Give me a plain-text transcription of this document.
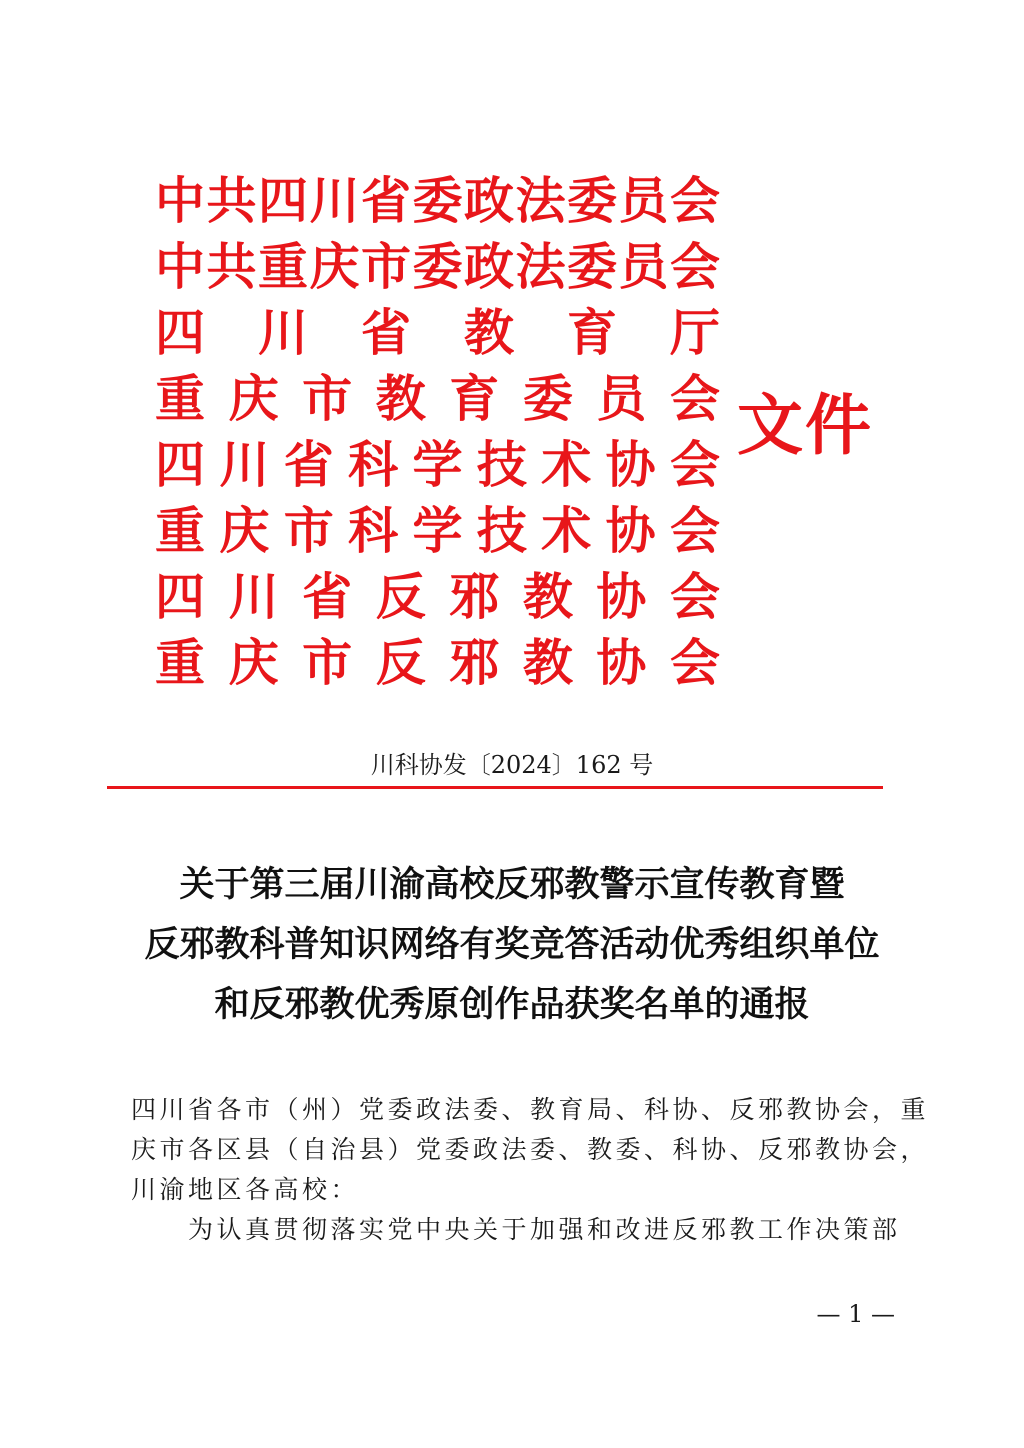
中 共 四 川 省 委 政 法 委 员 会
中 共 重 庆 市 委 政 法 委 员 会
四 川 省 教 育 厅
重 庆 市 教 育 委 员 会
四 川 省 科 学 技 术 协 会
重 庆 市 科 学 技 术 协 会
四 川 省 反 邪 教 协 会
重 庆 市 反 邪 教 协 会
文件
川科协发〔2024〕162 号
关于第三届川渝高校反邪教警示宣传教育暨
反邪教科普知识网络有奖竞答活动优秀组织单位
和反邪教优秀原创作品获奖名单的通报
四川省各市（州）党委政法委、教育局、科协、反邪教协会，重
庆市各区县（自治县）党委政法委、教委、科协、反邪教协会，
川渝地区各高校：
为认真贯彻落实党中央关于加强和改进反邪教工作决策部
— 1 —
